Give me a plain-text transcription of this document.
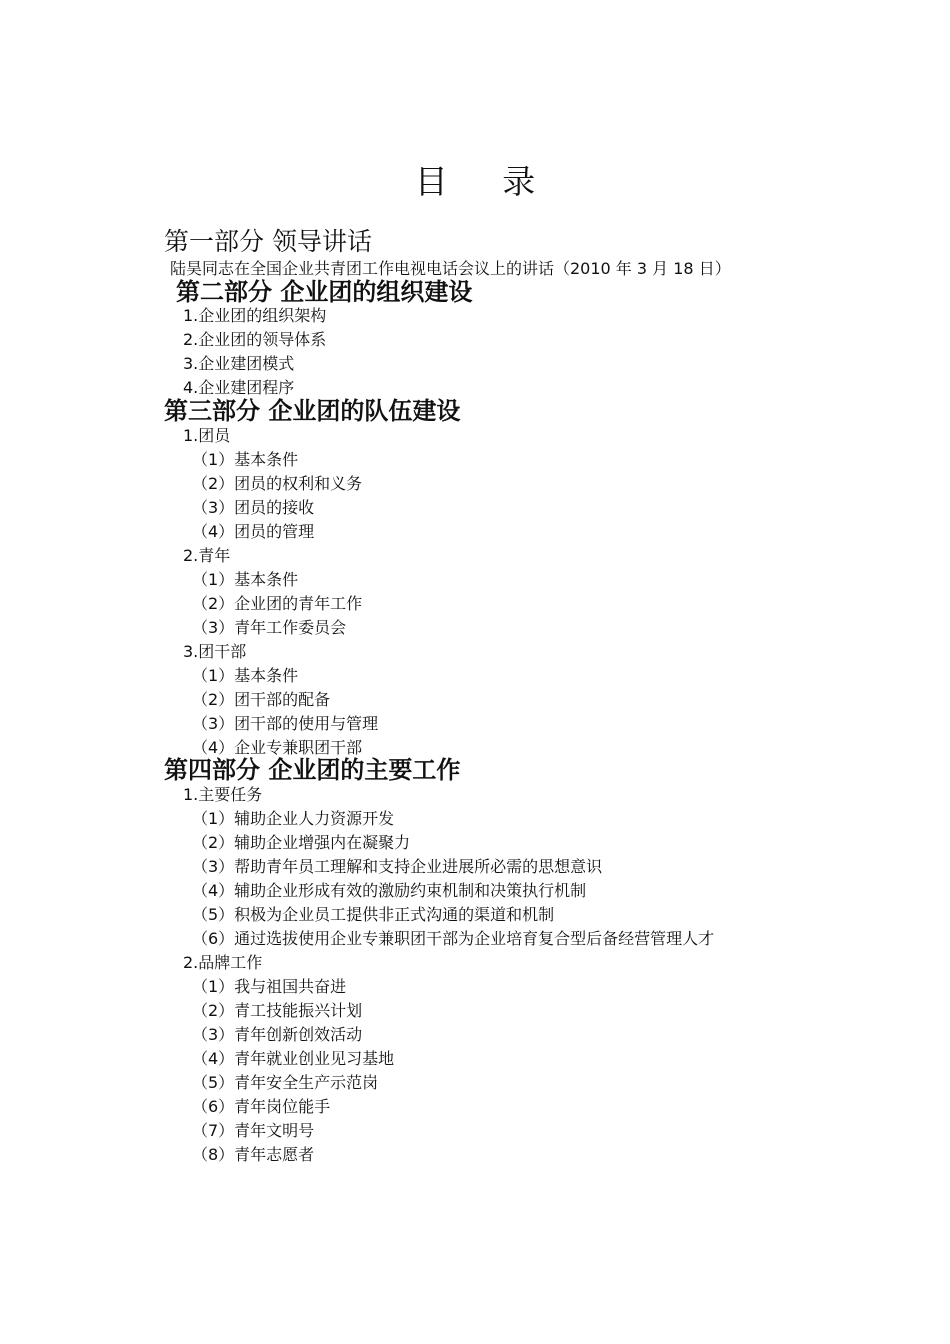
目 录
第一部分 领导讲话
陆昊同志在全国企业共青团工作电视电话会议上的讲话（2010 年 3 月 18 日）
第二部分 企业团的组织建设
1.企业团的组织架构
2.企业团的领导体系
3.企业建团模式
4.企业建团程序
第三部分 企业团的队伍建设
1.团员
（1）基本条件
（2）团员的权利和义务
（3）团员的接收
（4）团员的管理
2.青年
（1）基本条件
（2）企业团的青年工作
（3）青年工作委员会
3.团干部
（1）基本条件
（2）团干部的配备
（3）团干部的使用与管理
（4）企业专兼职团干部
第四部分 企业团的主要工作
1.主要任务
（1）辅助企业人力资源开发
（2）辅助企业增强内在凝聚力
（3）帮助青年员工理解和支持企业进展所必需的思想意识
（4）辅助企业形成有效的激励约束机制和决策执行机制
（5）积极为企业员工提供非正式沟通的渠道和机制
（6）通过选拔使用企业专兼职团干部为企业培育复合型后备经营管理人才
2.品牌工作
（1）我与祖国共奋进
（2）青工技能振兴计划
（3）青年创新创效活动
（4）青年就业创业见习基地
（5）青年安全生产示范岗
（6）青年岗位能手
（7）青年文明号
（8）青年志愿者
